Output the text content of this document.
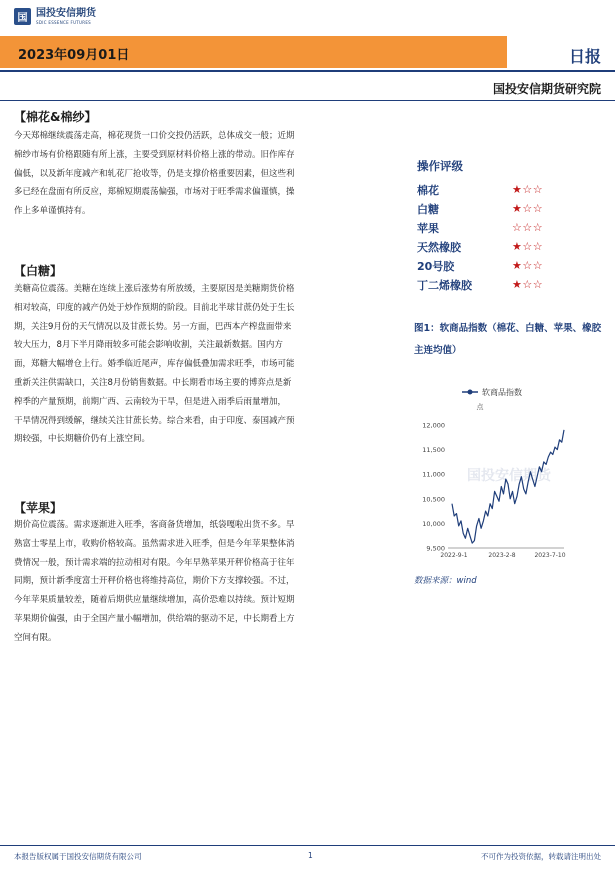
国 国投安信期货
SDIC ESSENCE FUTURES
2023年09月01日	日报
国投安信期货研究院
【棉花&棉纱】
今天郑棉继续震荡走高，棉花现货一口价交投仍活跃，总体成交一般；近期
棉纱市场有价格跟随有所上涨，主要受到原材料价格上涨的带动。旧作库存
偏低，以及新年度减产和轧花厂抢收等，仍是支撑价格重要因素，但这些利
多已经在盘面有所反应，郑棉短期震荡偏强，市场对于旺季需求偏谨慎，操
作上多单谨慎持有。
【白糖】
美糖高位震荡。美糖在连续上涨后涨势有所放缓，主要原因是美糖期货价格
相对较高，印度的减产仍处于炒作预期的阶段。目前北半球甘蔗仍处于生长
期，关注9月份的天气情况以及甘蔗长势。另一方面，巴西本产榨盘面带来
较大压力，8月下半月降雨较多可能会影响收割，关注最新数据。国内方
面，郑糖大幅增仓上行。婚季临近尾声，库存偏低叠加需求旺季，市场可能
重新关注供需缺口，关注8月份销售数据。中长期看市场主要的博弈点是新
榨季的产量预期，前期广西、云南较为干旱，但是进入雨季后雨量增加，
干旱情况得到缓解，继续关注甘蔗长势。综合来看，由于印度、泰国减产预
期较强，中长期糖价仍有上涨空间。
【苹果】
期价高位震荡。需求逐渐进入旺季，客商备货增加，纸袋嘎啦出货不多。早
熟富士零星上市，收购价格较高。虽然需求进入旺季，但是今年苹果整体消
费情况一般，预计需求端的拉动相对有限。今年早熟苹果开秤价格高于往年
同期，预计新季度富士开秤价格也将维持高位，期价下方支撑较强。不过，
今年苹果质量较差，随着后期供应量继续增加，高价恐难以持续。预计短期
苹果期价偏强，由于全国产量小幅增加，供给端的驱动不足，中长期看上方
空间有限。
操作评级
棉花	★☆☆
白糖	★☆☆
苹果	☆☆☆
天然橡胶	★☆☆
20号胶	★☆☆
丁二烯橡胶	★☆☆
图1：软商品指数（棉花、白糖、苹果、橡胶主连均值）
国投安信期货
软商品指数
点
9,500
10,000
10,500
11,000
11,500
12,000
2022-9-1	2023-2-8	2023-7-10
数据来源：wind
本报告版权属于国投安信期货有限公司	1	不可作为投资依据，转载请注明出处
